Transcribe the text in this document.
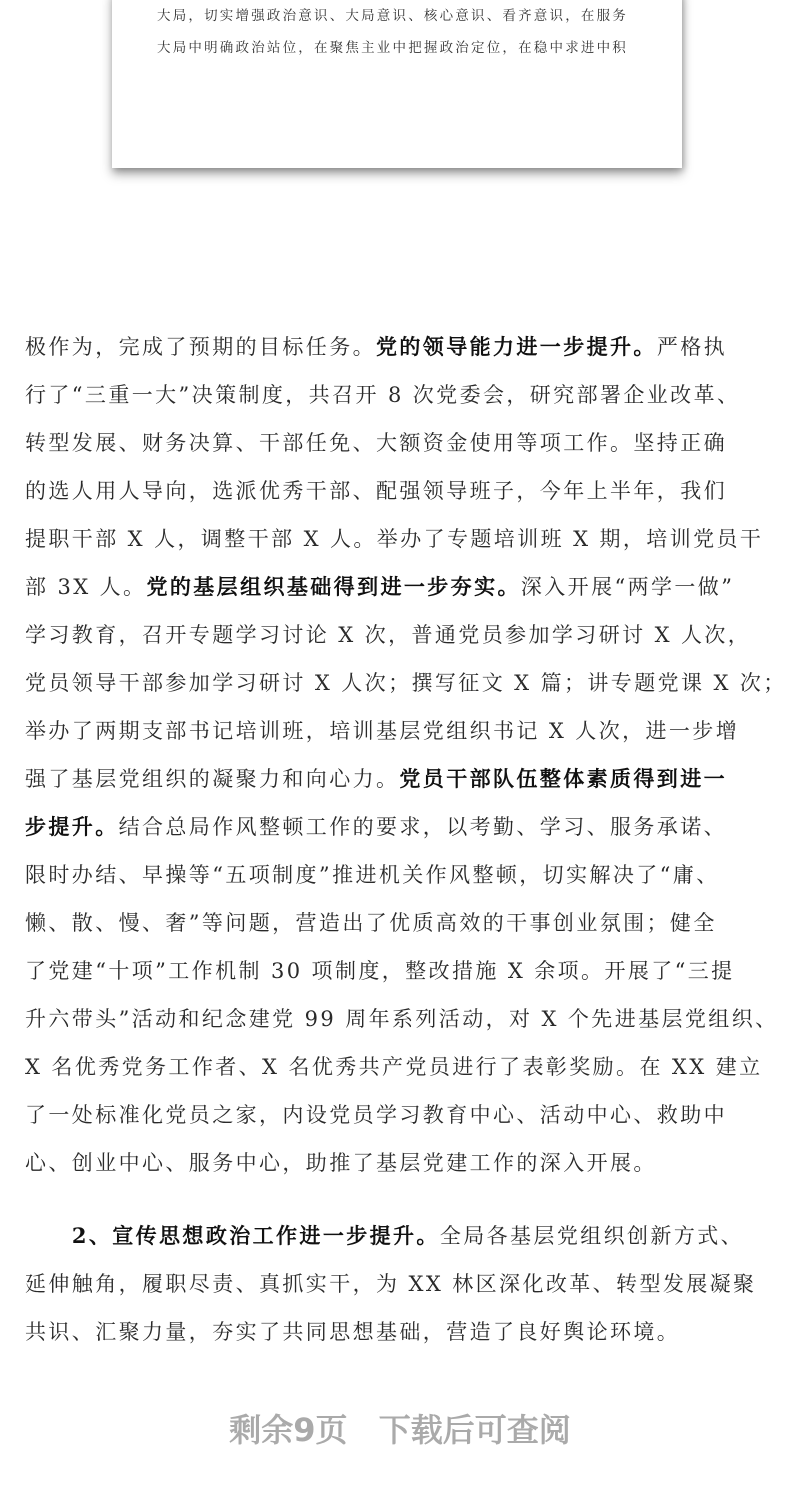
大局，切实增强政治意识、大局意识、核心意识、看齐意识，在服务
大局中明确政治站位，在聚焦主业中把握政治定位，在稳中求进中积
极作为，完成了预期的目标任务。党的领导能力进一步提升。严格执
行了“三重一大”决策制度，共召开 8 次党委会，研究部署企业改革、
转型发展、财务决算、干部任免、大额资金使用等项工作。坚持正确
的选人用人导向，选派优秀干部、配强领导班子，今年上半年，我们
提职干部 X 人，调整干部 X 人。举办了专题培训班 X 期，培训党员干
部 3X 人。党的基层组织基础得到进一步夯实。深入开展“两学一做”
学习教育，召开专题学习讨论 X 次，普通党员参加学习研讨 X 人次，
党员领导干部参加学习研讨 X 人次；撰写征文 X 篇；讲专题党课 X 次；
举办了两期支部书记培训班，培训基层党组织书记 X 人次，进一步增
强了基层党组织的凝聚力和向心力。党员干部队伍整体素质得到进一
步提升。结合总局作风整顿工作的要求，以考勤、学习、服务承诺、
限时办结、早操等“五项制度”推进机关作风整顿，切实解决了“庸、
懒、散、慢、奢”等问题，营造出了优质高效的干事创业氛围；健全
了党建“十项”工作机制 30 项制度，整改措施 X 余项。开展了“三提
升六带头”活动和纪念建党 99 周年系列活动，对 X 个先进基层党组织、
X 名优秀党务工作者、X 名优秀共产党员进行了表彰奖励。在 XX 建立
了一处标准化党员之家，内设党员学习教育中心、活动中心、救助中
心、创业中心、服务中心，助推了基层党建工作的深入开展。
　　2、宣传思想政治工作进一步提升。全局各基层党组织创新方式、
延伸触角，履职尽责、真抓实干，为 XX 林区深化改革、转型发展凝聚
共识、汇聚力量，夯实了共同思想基础，营造了良好舆论环境。
剩余9页 下载后可查阅
